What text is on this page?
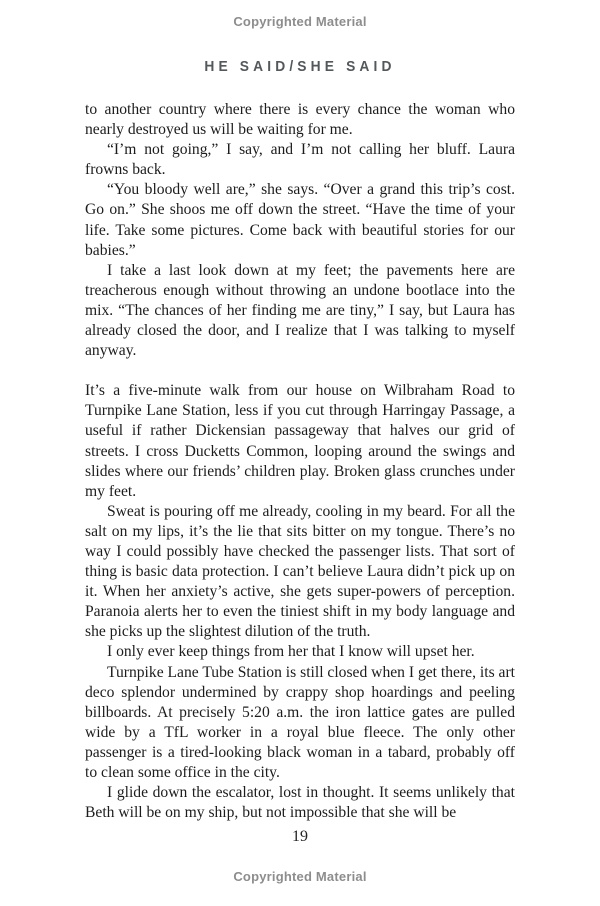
Copyrighted Material
HE SAID/SHE SAID

to another country where there is every chance the woman who nearly destroyed us will be waiting for me.

“I’m not going,” I say, and I’m not calling her bluff. Laura frowns back.

“You bloody well are,” she says. “Over a grand this trip’s cost. Go on.” She shoos me off down the street. “Have the time of your life. Take some pictures. Come back with beautiful stories for our babies.”

I take a last look down at my feet; the pavements here are treacherous enough without throwing an undone bootlace into the mix. “The chances of her finding me are tiny,” I say, but Laura has already closed the door, and I realize that I was talking to myself anyway.

It’s a five-minute walk from our house on Wilbraham Road to Turnpike Lane Station, less if you cut through Harringay Passage, a useful if rather Dickensian passageway that halves our grid of streets. I cross Ducketts Common, looping around the swings and slides where our friends’ children play. Broken glass crunches under my feet.

Sweat is pouring off me already, cooling in my beard. For all the salt on my lips, it’s the lie that sits bitter on my tongue. There’s no way I could possibly have checked the passenger lists. That sort of thing is basic data protection. I can’t believe Laura didn’t pick up on it. When her anxiety’s active, she gets super-powers of perception. Paranoia alerts her to even the tiniest shift in my body language and she picks up the slightest dilution of the truth.

I only ever keep things from her that I know will upset her.

Turnpike Lane Tube Station is still closed when I get there, its art deco splendor undermined by crappy shop hoardings and peeling billboards. At precisely 5:20 a.m. the iron lattice gates are pulled wide by a TfL worker in a royal blue fleece. The only other passenger is a tired-looking black woman in a tabard, probably off to clean some office in the city.

I glide down the escalator, lost in thought. It seems unlikely that Beth will be on my ship, but not impossible that she will be

19
Copyrighted Material
